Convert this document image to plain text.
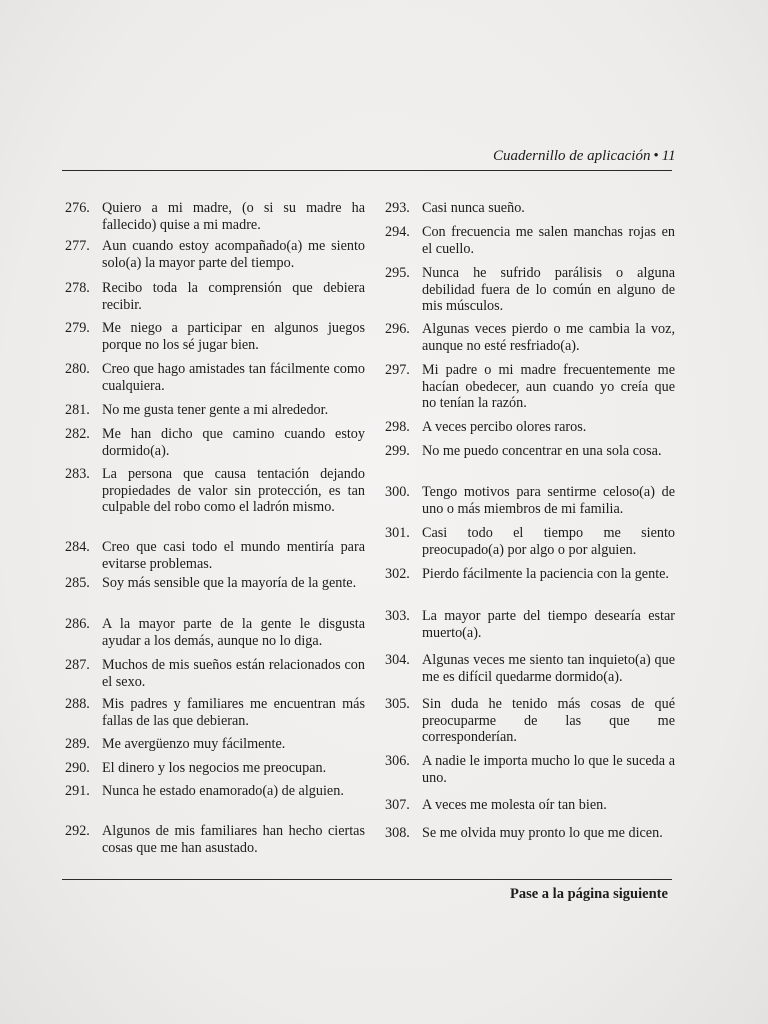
Cuadernillo de aplicación • 11
276. Quiero a mi madre, (o si su madre ha fallecido) quise a mi madre.
277. Aun cuando estoy acompañado(a) me siento solo(a) la mayor parte del tiempo.
278. Recibo toda la comprensión que debiera recibir.
279. Me niego a participar en algunos juegos porque no los sé jugar bien.
280. Creo que hago amistades tan fácilmente como cualquiera.
281. No me gusta tener gente a mi alrededor.
282. Me han dicho que camino cuando estoy dormido(a).
283. La persona que causa tentación dejando propiedades de valor sin protección, es tan culpable del robo como el ladrón mismo.
284. Creo que casi todo el mundo mentiría para evitarse problemas.
285. Soy más sensible que la mayoría de la gente.
286. A la mayor parte de la gente le disgusta ayudar a los demás, aunque no lo diga.
287. Muchos de mis sueños están relacionados con el sexo.
288. Mis padres y familiares me encuentran más fallas de las que debieran.
289. Me avergüenzo muy fácilmente.
290. El dinero y los negocios me preocupan.
291. Nunca he estado enamorado(a) de alguien.
292. Algunos de mis familiares han hecho ciertas cosas que me han asustado.
293. Casi nunca sueño.
294. Con frecuencia me salen manchas rojas en el cuello.
295. Nunca he sufrido parálisis o alguna debilidad fuera de lo común en alguno de mis músculos.
296. Algunas veces pierdo o me cambia la voz, aunque no esté resfriado(a).
297. Mi padre o mi madre frecuentemente me hacían obedecer, aun cuando yo creía que no tenían la razón.
298. A veces percibo olores raros.
299. No me puedo concentrar en una sola cosa.
300. Tengo motivos para sentirme celoso(a) de uno o más miembros de mi familia.
301. Casi todo el tiempo me siento preocupado(a) por algo o por alguien.
302. Pierdo fácilmente la paciencia con la gente.
303. La mayor parte del tiempo desearía estar muerto(a).
304. Algunas veces me siento tan inquieto(a) que me es difícil quedarme dormido(a).
305. Sin duda he tenido más cosas de qué preocuparme de las que me corresponderían.
306. A nadie le importa mucho lo que le suceda a uno.
307. A veces me molesta oír tan bien.
308. Se me olvida muy pronto lo que me dicen.
Pase a la página siguiente
